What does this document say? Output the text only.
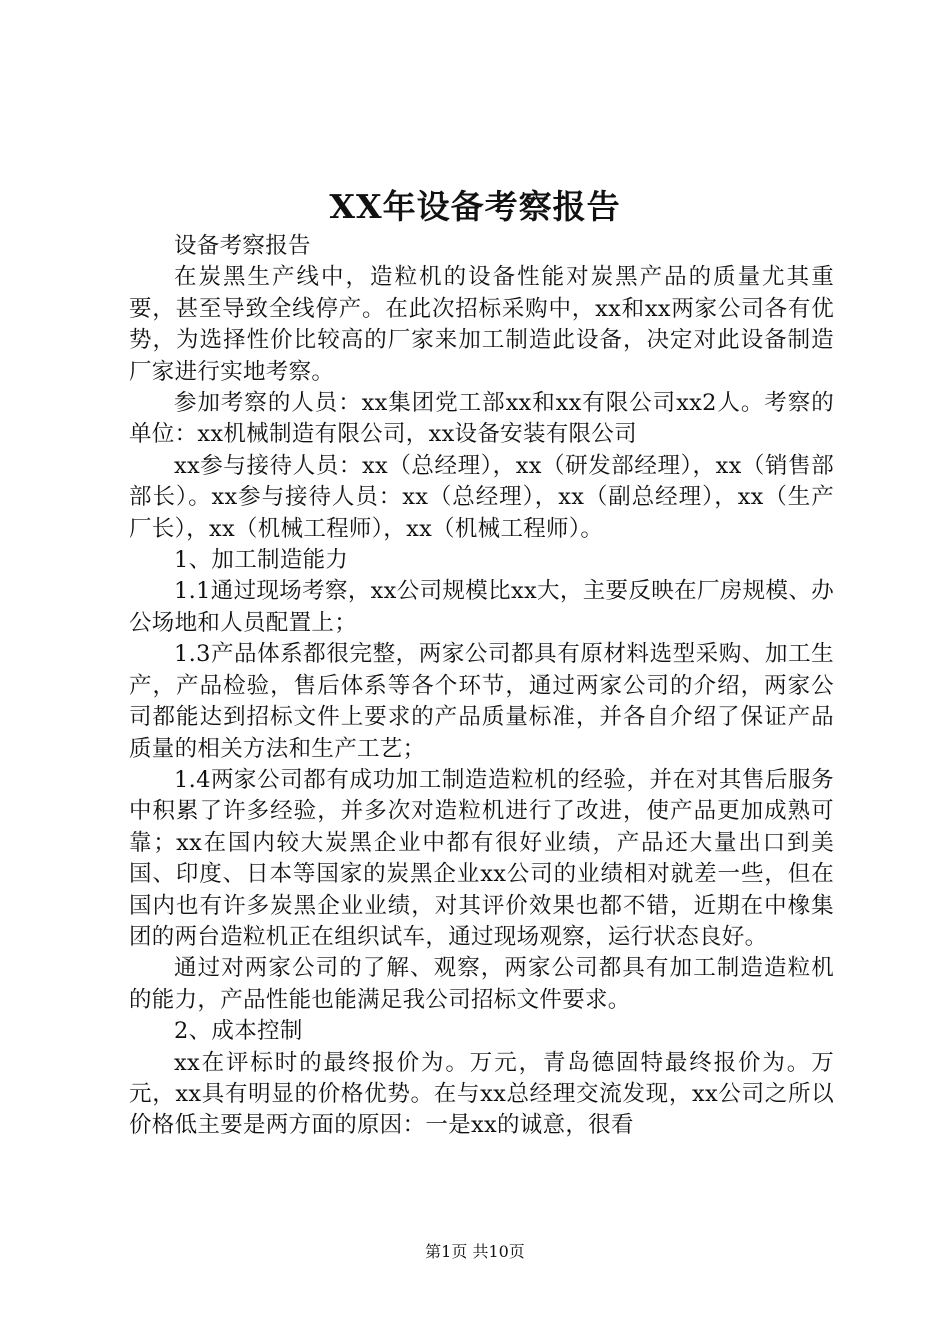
XX年设备考察报告

设备考察报告

在炭黑生产线中，造粒机的设备性能对炭黑产品的质量尤其重要，甚至导致全线停产。在此次招标采购中，xx和xx两家公司各有优势，为选择性价比较高的厂家来加工制造此设备，决定对此设备制造厂家进行实地考察。

参加考察的人员：xx集团党工部xx和xx有限公司xx2人。考察的单位：xx机械制造有限公司，xx设备安装有限公司

xx参与接待人员：xx（总经理），xx（研发部经理），xx（销售部部长）。xx参与接待人员：xx（总经理），xx（副总经理），xx（生产厂长），xx（机械工程师），xx（机械工程师）。

1、加工制造能力

1.1通过现场考察，xx公司规模比xx大，主要反映在厂房规模、办公场地和人员配置上；

1.3产品体系都很完整，两家公司都具有原材料选型采购、加工生产，产品检验，售后体系等各个环节，通过两家公司的介绍，两家公司都能达到招标文件上要求的产品质量标准，并各自介绍了保证产品质量的相关方法和生产工艺；

1.4两家公司都有成功加工制造造粒机的经验，并在对其售后服务中积累了许多经验，并多次对造粒机进行了改进，使产品更加成熟可靠；xx在国内较大炭黑企业中都有很好业绩，产品还大量出口到美国、印度、日本等国家的炭黑企业xx公司的业绩相对就差一些，但在国内也有许多炭黑企业业绩，对其评价效果也都不错，近期在中橡集团的两台造粒机正在组织试车，通过现场观察，运行状态良好。

通过对两家公司的了解、观察，两家公司都具有加工制造造粒机的能力，产品性能也能满足我公司招标文件要求。

2、成本控制

xx在评标时的最终报价为。万元，青岛德固特最终报价为。万元，xx具有明显的价格优势。在与xx总经理交流发现，xx公司之所以价格低主要是两方面的原因：一是xx的诚意，很看

第1页 共10页
